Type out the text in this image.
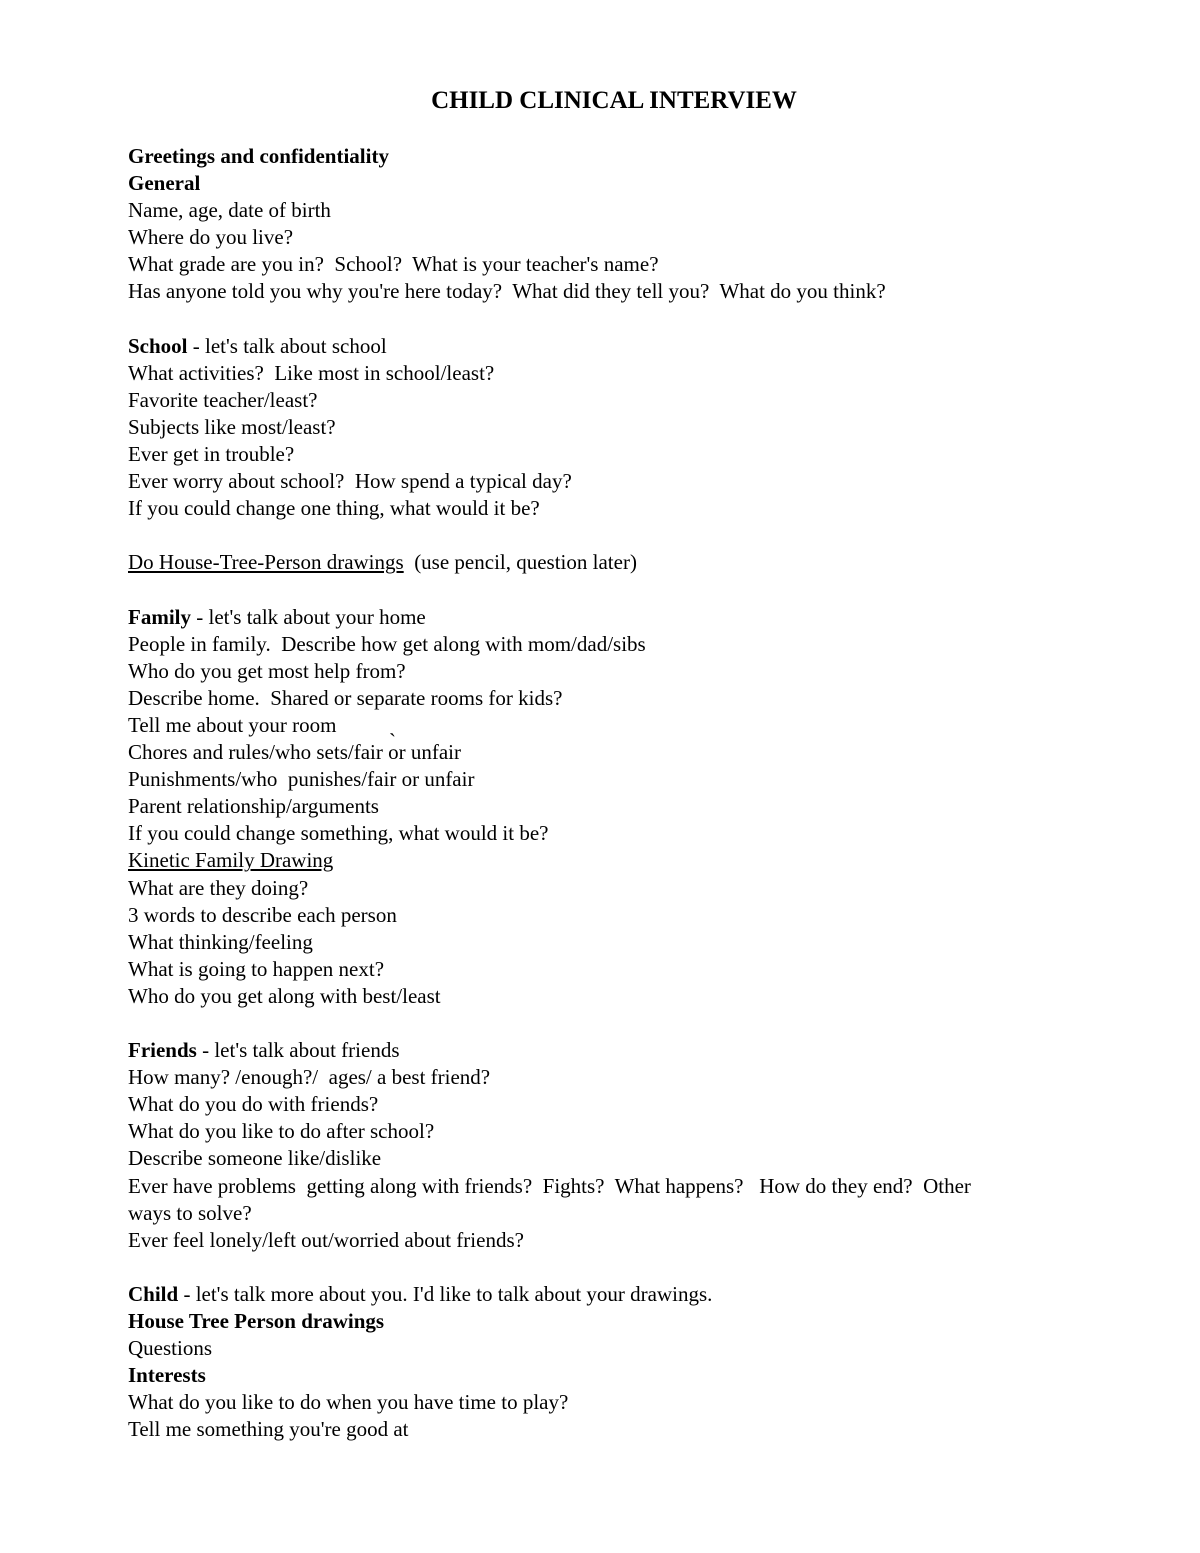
CHILD CLINICAL INTERVIEW
Greetings and confidentiality
General
Name, age, date of birth
Where do you live?
What grade are you in?  School?  What is your teacher's name?
Has anyone told you why you're here today?  What did they tell you?  What do you think?
School - let's talk about school
What activities?  Like most in school/least?
Favorite teacher/least?
Subjects like most/least?
Ever get in trouble?
Ever worry about school?  How spend a typical day?
If you could change one thing, what would it be?
Do House-Tree-Person drawings  (use pencil, question later)
Family - let's talk about your home
People in family.  Describe how get along with mom/dad/sibs
Who do you get most help from?
Describe home.  Shared or separate rooms for kids?
Tell me about your room          ˎ
Chores and rules/who sets/fair or unfair
Punishments/who  punishes/fair or unfair
Parent relationship/arguments
If you could change something, what would it be?
Kinetic Family Drawing
What are they doing?
3 words to describe each person
What thinking/feeling
What is going to happen next?
Who do you get along with best/least
Friends - let's talk about friends
How many? /enough?/  ages/ a best friend?
What do you do with friends?
What do you like to do after school?
Describe someone like/dislike
Ever have problems  getting along with friends?  Fights?  What happens?   How do they end?  Other
ways to solve?
Ever feel lonely/left out/worried about friends?
Child - let's talk more about you. I'd like to talk about your drawings.
House Tree Person drawings
Questions
Interests
What do you like to do when you have time to play?
Tell me something you're good at
